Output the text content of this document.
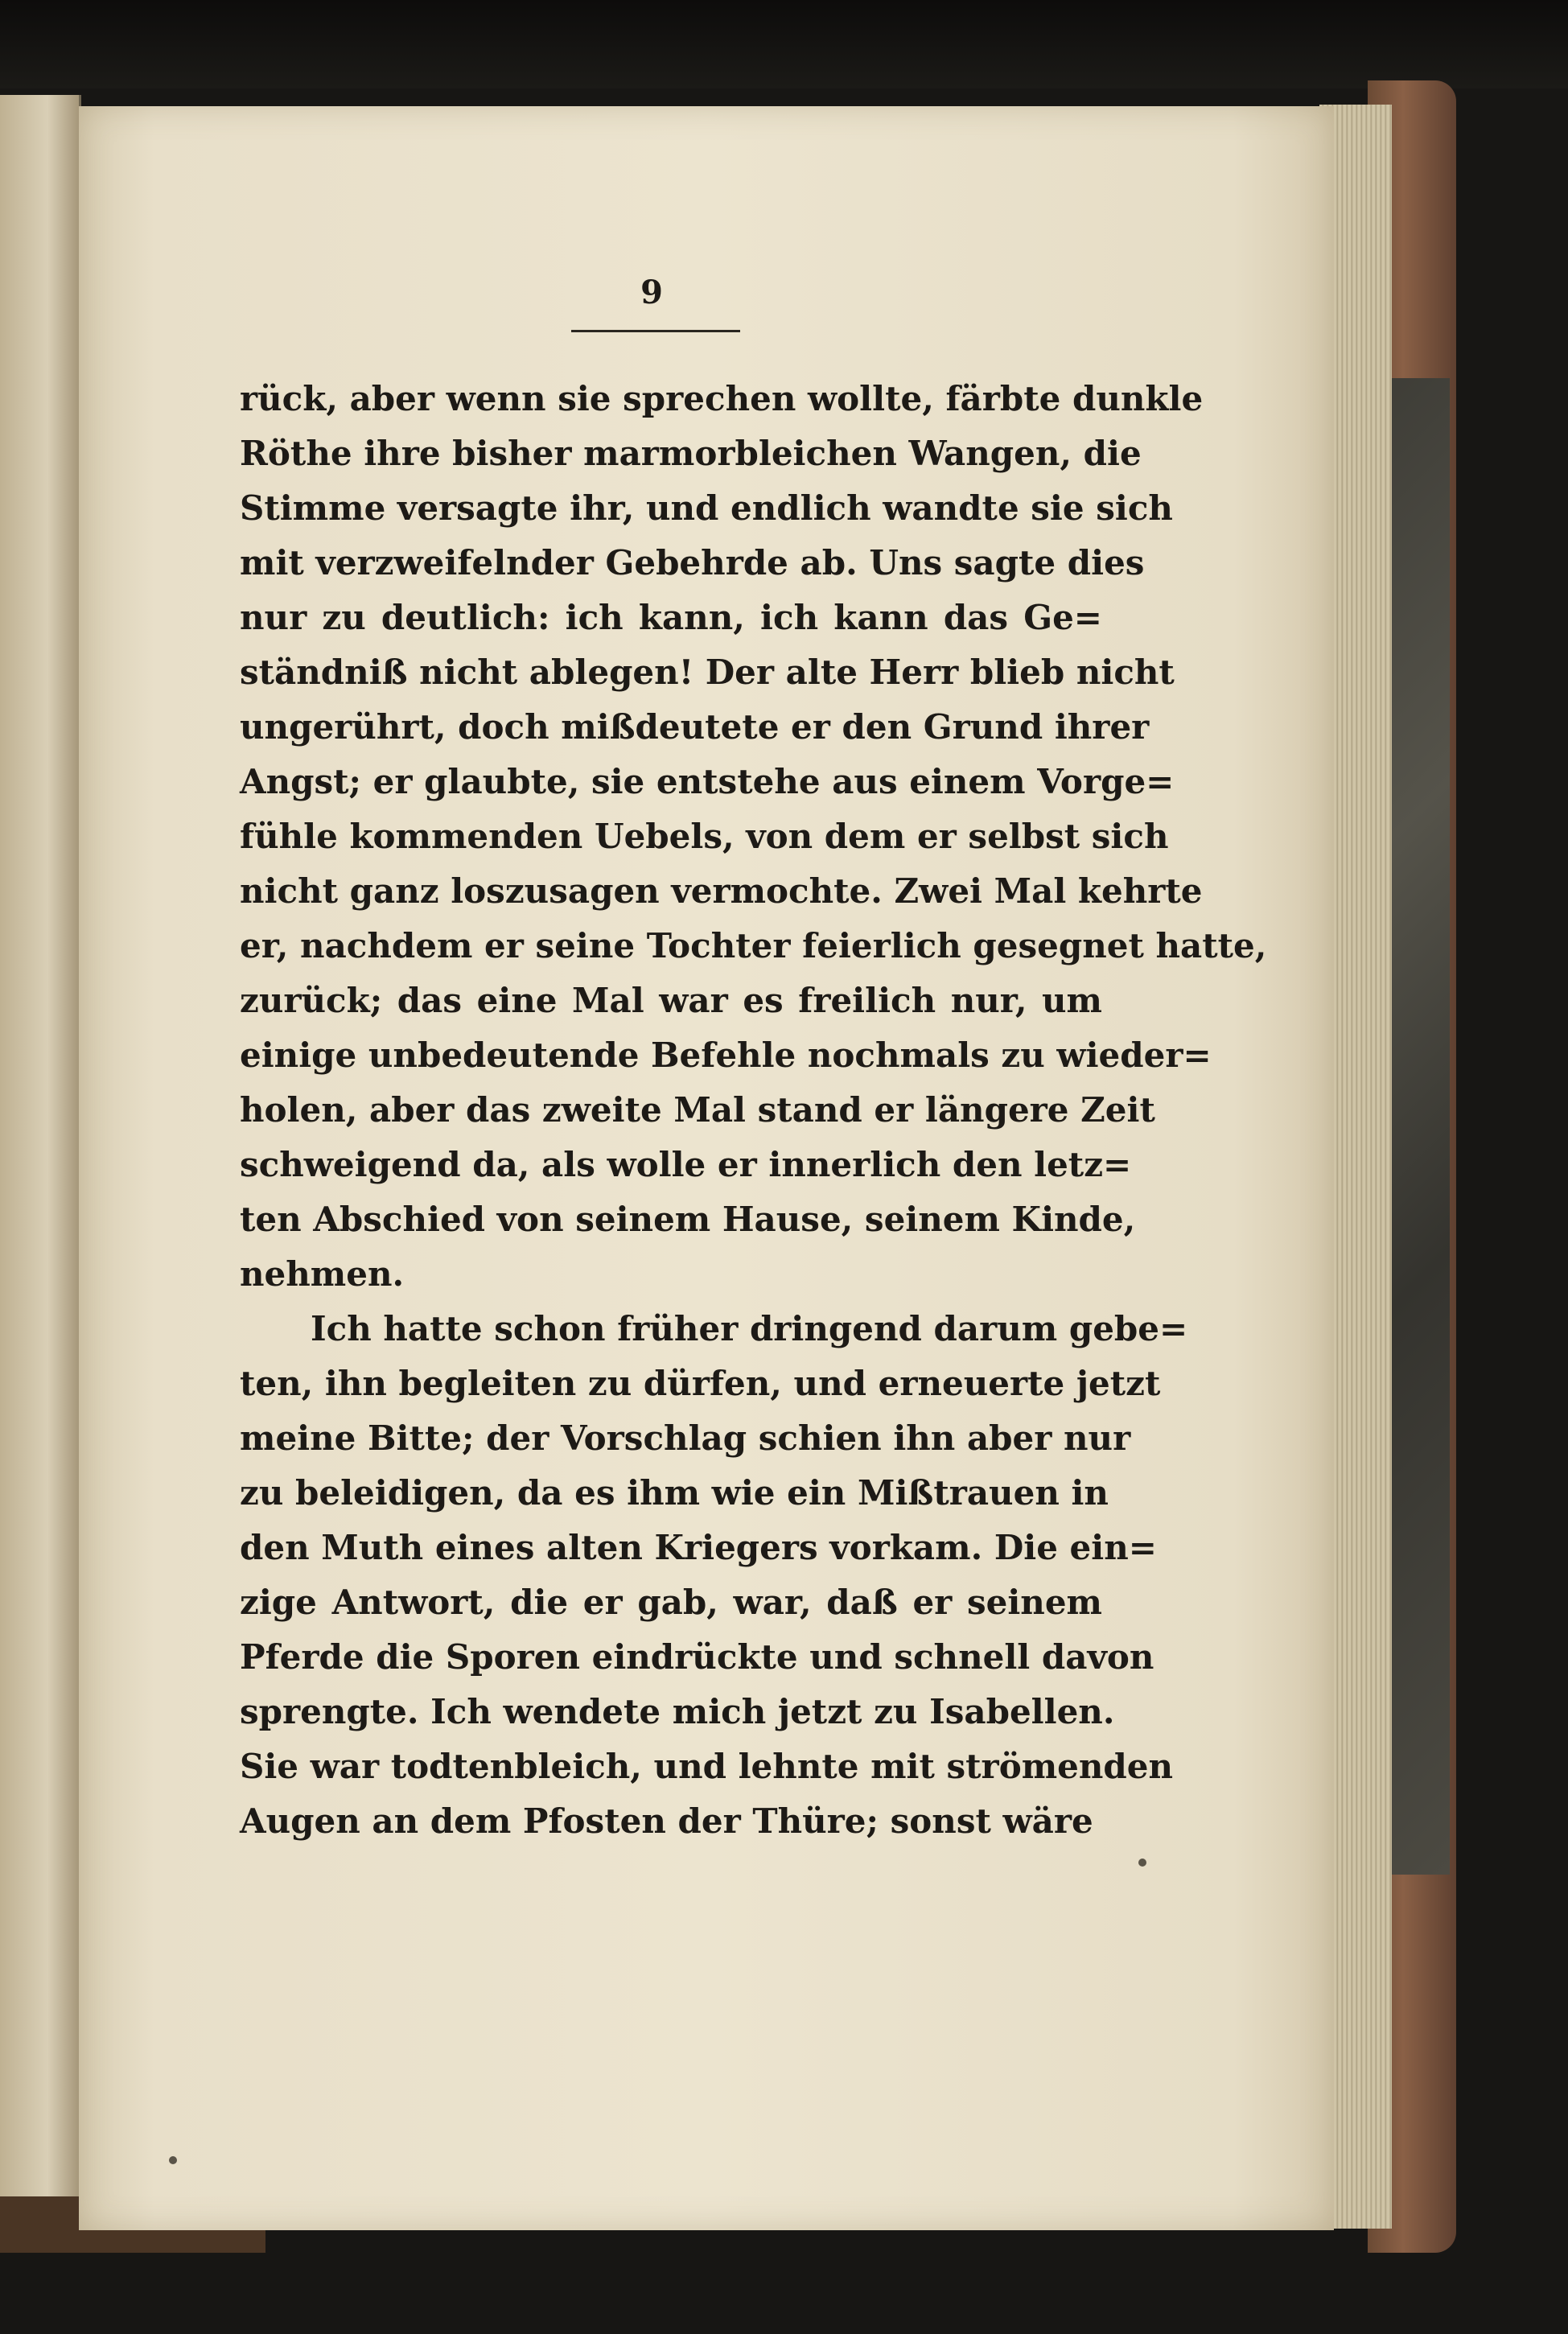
9
rück, aber wenn sie sprechen wollte, färbte dunkle
Röthe ihre bisher marmorbleichen Wangen, die
Stimme versagte ihr, und endlich wandte sie sich
mit verzweifelnder Gebehrde ab. Uns sagte dies
nur zu deutlich: ich kann, ich kann das Ge=
ständniß nicht ablegen! Der alte Herr blieb nicht
ungerührt, doch mißdeutete er den Grund ihrer
Angst; er glaubte, sie entstehe aus einem Vorge=
fühle kommenden Uebels, von dem er selbst sich
nicht ganz loszusagen vermochte. Zwei Mal kehrte
er, nachdem er seine Tochter feierlich gesegnet hatte,
zurück; das eine Mal war es freilich nur, um
einige unbedeutende Befehle nochmals zu wieder=
holen, aber das zweite Mal stand er längere Zeit
schweigend da, als wolle er innerlich den letz=
ten Abschied von seinem Hause, seinem Kinde,
nehmen.
Ich hatte schon früher dringend darum gebe=
ten, ihn begleiten zu dürfen, und erneuerte jetzt
meine Bitte; der Vorschlag schien ihn aber nur
zu beleidigen, da es ihm wie ein Mißtrauen in
den Muth eines alten Kriegers vorkam. Die ein=
zige Antwort, die er gab, war, daß er seinem
Pferde die Sporen eindrückte und schnell davon
sprengte. Ich wendete mich jetzt zu Isabellen.
Sie war todtenbleich, und lehnte mit strömenden
Augen an dem Pfosten der Thüre; sonst wäre
